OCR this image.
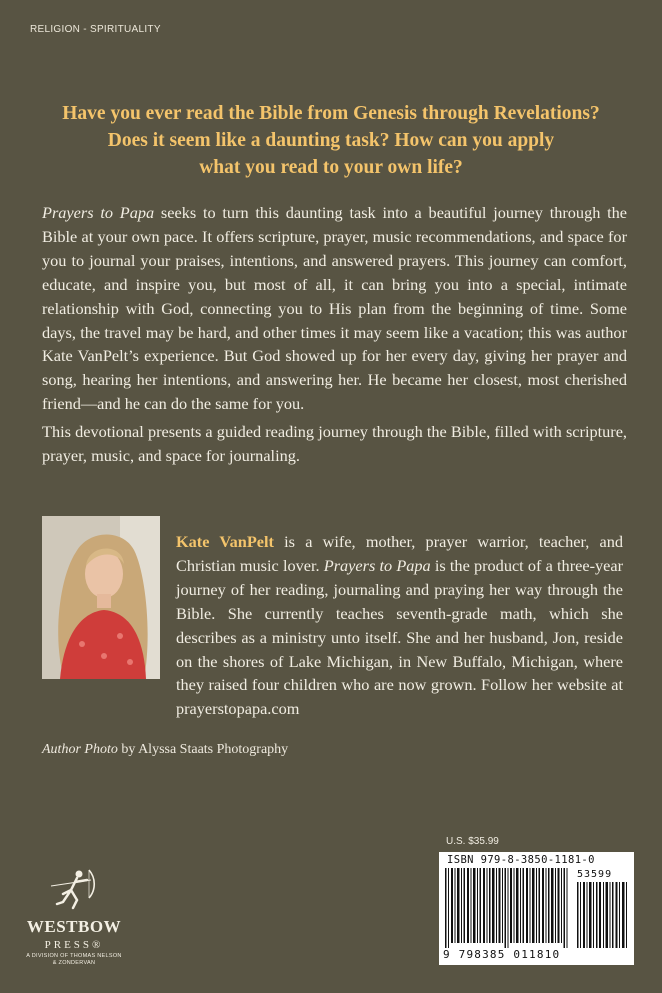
RELIGION - SPIRITUALITY
Have you ever read the Bible from Genesis through Revelations?
Does it seem like a daunting task? How can you apply
what you read to your own life?
Prayers to Papa seeks to turn this daunting task into a beautiful journey through the Bible at your own pace. It offers scripture, prayer, music recommendations, and space for you to journal your praises, intentions, and answered prayers. This journey can comfort, educate, and inspire you, but most of all, it can bring you into a special, intimate relationship with God, connecting you to His plan from the beginning of time. Some days, the travel may be hard, and other times it may seem like a vacation; this was author Kate VanPelt’s experience. But God showed up for her every day, giving her prayer and song, hearing her intentions, and answering her. He became her closest, most cherished friend—and he can do the same for you.
This devotional presents a guided reading journey through the Bible, filled with scripture, prayer, music, and space for journaling.
Kate VanPelt is a wife, mother, prayer warrior, teacher, and Christian music lover. Prayers to Papa is the product of a three-year journey of her reading, journaling and praying her way through the Bible. She currently teaches seventh-grade math, which she describes as a ministry unto itself. She and her husband, Jon, reside on the shores of Lake Michigan, in New Buffalo, Michigan, where they raised four children who are now grown. Follow her website at prayerstopapa.com
Author Photo by Alyssa Staats Photography
U.S. $35.99
ISBN 979-8-3850-1181-0
53599
9 798385 011810
WESTBOW
PRESS®
A DIVISION OF THOMAS NELSON
& ZONDERVAN
